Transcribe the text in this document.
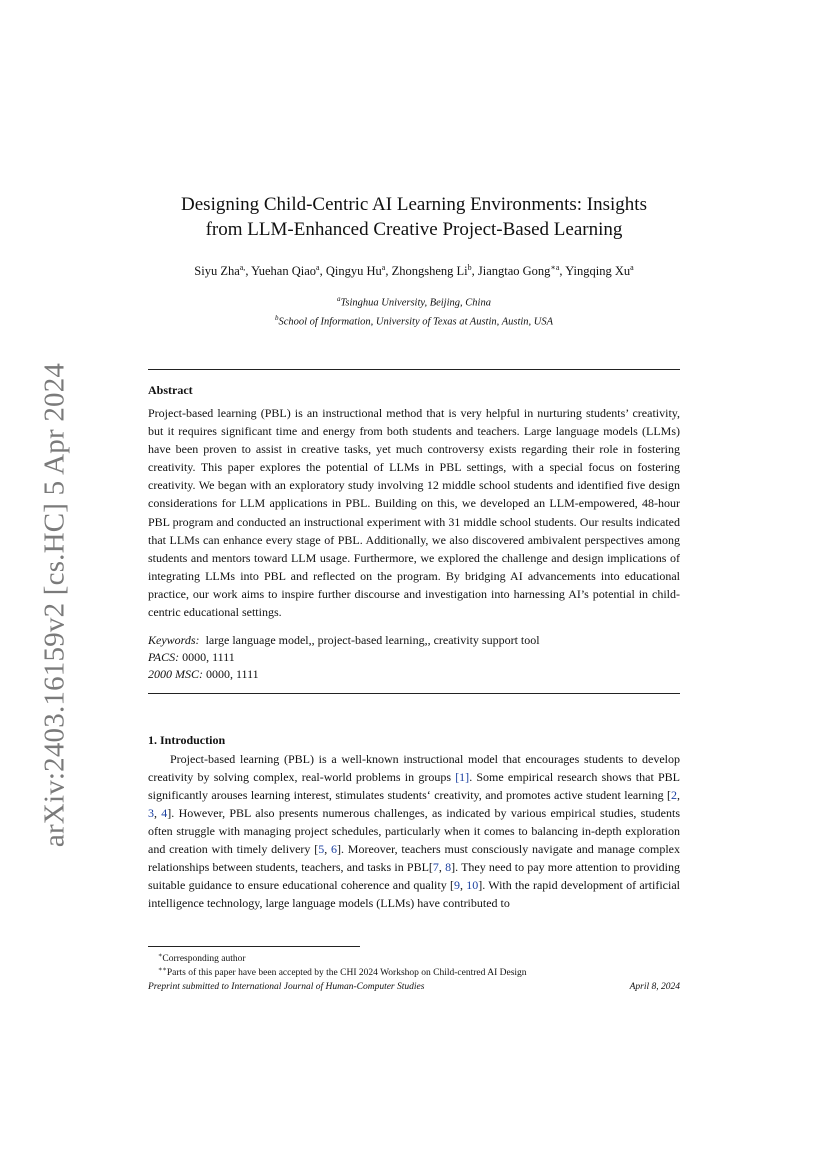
arXiv:2403.16159v2 [cs.HC] 5 Apr 2024
Designing Child-Centric AI Learning Environments: Insights
from LLM-Enhanced Creative Project-Based Learning
Siyu Zha$^{a,}$, Yuehan Qiao$^a$, Qingyu Hu$^a$, Zhongsheng Li$^b$, Jiangtao Gong$^{∗a}$, Yingqing Xu$^a$
$^a$Tsinghua University, Beijing, China
$^b$School of Information, University of Texas at Austin, Austin, USA
Abstract

Project-based learning (PBL) is an instructional method that is very helpful in nurturing students’ creativity, but it requires significant time and energy from both students and teachers. Large language models (LLMs) have been proven to assist in creative tasks, yet much controversy exists regarding their role in fostering creativity. This paper explores the potential of LLMs in PBL settings, with a special focus on fostering creativity. We began with an exploratory study involving 12 middle school students and identified five design considerations for LLM applications in PBL. Building on this, we developed an LLM-empowered, 48-hour PBL program and conducted an instructional experiment with 31 middle school students. Our results indicated that LLMs can enhance every stage of PBL. Additionally, we also discovered ambivalent perspectives among students and mentors toward LLM usage. Furthermore, we explored the challenge and design implications of integrating LLMs into PBL and reflected on the program. By bridging AI advancements into educational practice, our work aims to inspire further discourse and investigation into harnessing AI’s potential in child-centric educational settings.

Keywords: large language model,, project-based learning,, creativity support tool
PACS: 0000, 1111
2000 MSC: 0000, 1111
1. Introduction

Project-based learning (PBL) is a well-known instructional model that encourages students to develop creativity by solving complex, real-world problems in groups [1]. Some empirical research shows that PBL significantly arouses learning interest, stimulates students‘ creativity, and promotes active student learning [2, 3, 4]. However, PBL also presents numerous challenges, as indicated by various empirical studies, students often struggle with managing project schedules, particularly when it comes to balancing in-depth exploration and creation with timely delivery [5, 6]. Moreover, teachers must consciously navigate and manage complex relationships between students, teachers, and tasks in PBL[7, 8]. They need to pay more attention to providing suitable guidance to ensure educational coherence and quality [9, 10]. With the rapid development of artificial intelligence technology, large language models (LLMs) have contributed to

∗Corresponding author
∗∗Parts of this paper have been accepted by the CHI 2024 Workshop on Child-centred AI Design
Preprint submitted to International Journal of Human-Computer Studies	April 8, 2024
